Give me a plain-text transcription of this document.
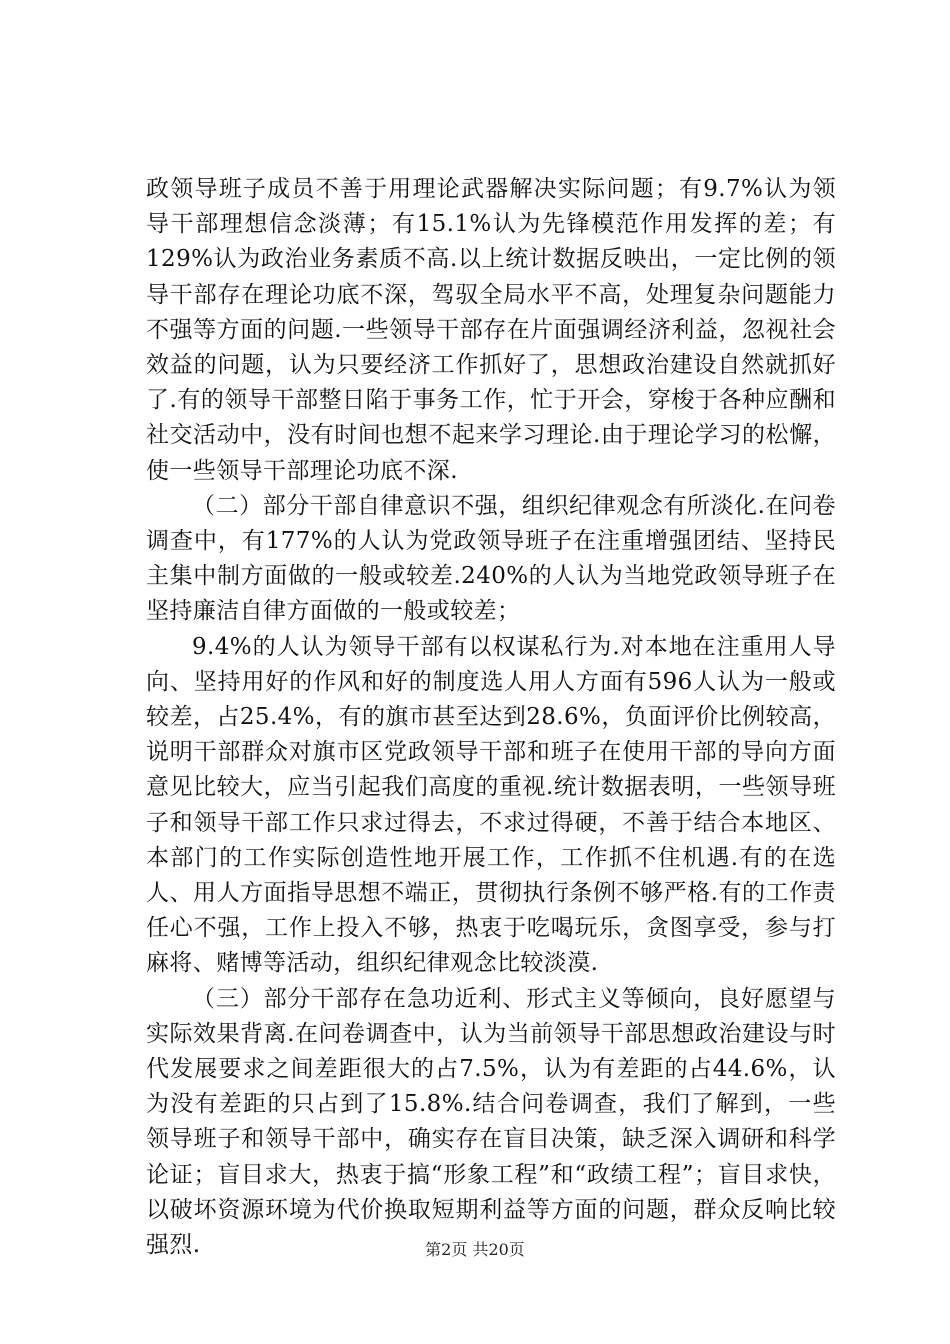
政领导班子成员不善于用理论武器解决实际问题；有9.7%认为领导干部理想信念淡薄；有15.1%认为先锋模范作用发挥的差；有129%认为政治业务素质不高.以上统计数据反映出，一定比例的领导干部存在理论功底不深，驾驭全局水平不高，处理复杂问题能力不强等方面的问题.一些领导干部存在片面强调经济利益，忽视社会效益的问题，认为只要经济工作抓好了，思想政治建设自然就抓好了.有的领导干部整日陷于事务工作，忙于开会，穿梭于各种应酬和社交活动中，没有时间也想不起来学习理论.由于理论学习的松懈，使一些领导干部理论功底不深.

（二）部分干部自律意识不强，组织纪律观念有所淡化.在问卷调查中，有177%的人认为党政领导班子在注重增强团结、坚持民主集中制方面做的一般或较差.240%的人认为当地党政领导班子在坚持廉洁自律方面做的一般或较差；

9.4%的人认为领导干部有以权谋私行为.对本地在注重用人导向、坚持用好的作风和好的制度选人用人方面有596人认为一般或较差，占25.4%，有的旗市甚至达到28.6%，负面评价比例较高，说明干部群众对旗市区党政领导干部和班子在使用干部的导向方面意见比较大，应当引起我们高度的重视.统计数据表明，一些领导班子和领导干部工作只求过得去，不求过得硬，不善于结合本地区、本部门的工作实际创造性地开展工作，工作抓不住机遇.有的在选人、用人方面指导思想不端正，贯彻执行条例不够严格.有的工作责任心不强，工作上投入不够，热衷于吃喝玩乐，贪图享受，参与打麻将、赌博等活动，组织纪律观念比较淡漠.

（三）部分干部存在急功近利、形式主义等倾向，良好愿望与实际效果背离.在问卷调查中，认为当前领导干部思想政治建设与时代发展要求之间差距很大的占7.5%，认为有差距的占44.6%，认为没有差距的只占到了15.8%.结合问卷调查，我们了解到，一些领导班子和领导干部中，确实存在盲目决策，缺乏深入调研和科学论证；盲目求大，热衷于搞“形象工程”和“政绩工程”；盲目求快，以破坏资源环境为代价换取短期利益等方面的问题，群众反响比较强烈.	第2页 共20页
